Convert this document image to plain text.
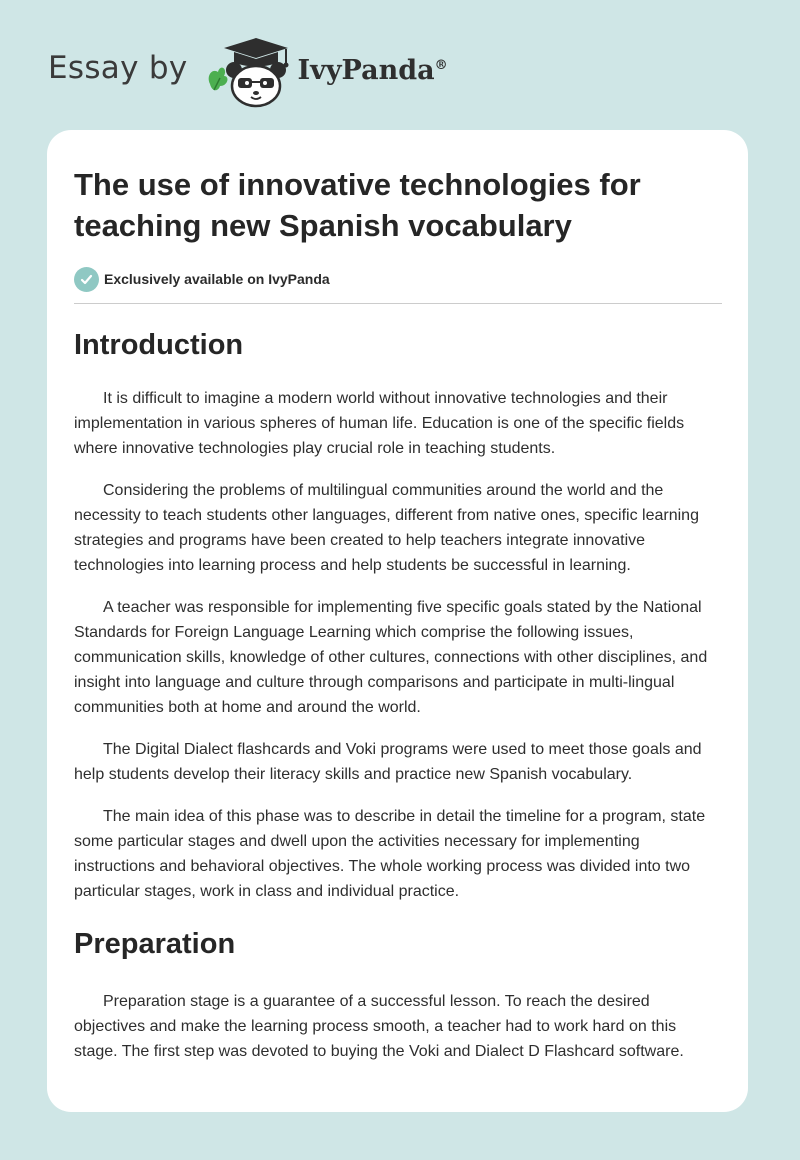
Essay by	IvyPanda®
The use of innovative technologies for teaching new Spanish vocabulary
Exclusively available on IvyPanda
Introduction

It is difficult to imagine a modern world without innovative technologies and their implementation in various spheres of human life. Education is one of the specific fields where innovative technologies play crucial role in teaching students.

Considering the problems of multilingual communities around the world and the necessity to teach students other languages, different from native ones, specific learning strategies and programs have been created to help teachers integrate innovative technologies into learning process and help students be successful in learning.

A teacher was responsible for implementing five specific goals stated by the National Standards for Foreign Language Learning which comprise the following issues, communication skills, knowledge of other cultures, connections with other disciplines, and insight into language and culture through comparisons and participate in multi-lingual communities both at home and around the world.

The Digital Dialect flashcards and Voki programs were used to meet those goals and help students develop their literacy skills and practice new Spanish vocabulary.

The main idea of this phase was to describe in detail the timeline for a program, state some particular stages and dwell upon the activities necessary for implementing instructions and behavioral objectives. The whole working process was divided into two particular stages, work in class and individual practice.

Preparation

Preparation stage is a guarantee of a successful lesson. To reach the desired objectives and make the learning process smooth, a teacher had to work hard on this stage. The first step was devoted to buying the Voki and Dialect D Flashcard software.
